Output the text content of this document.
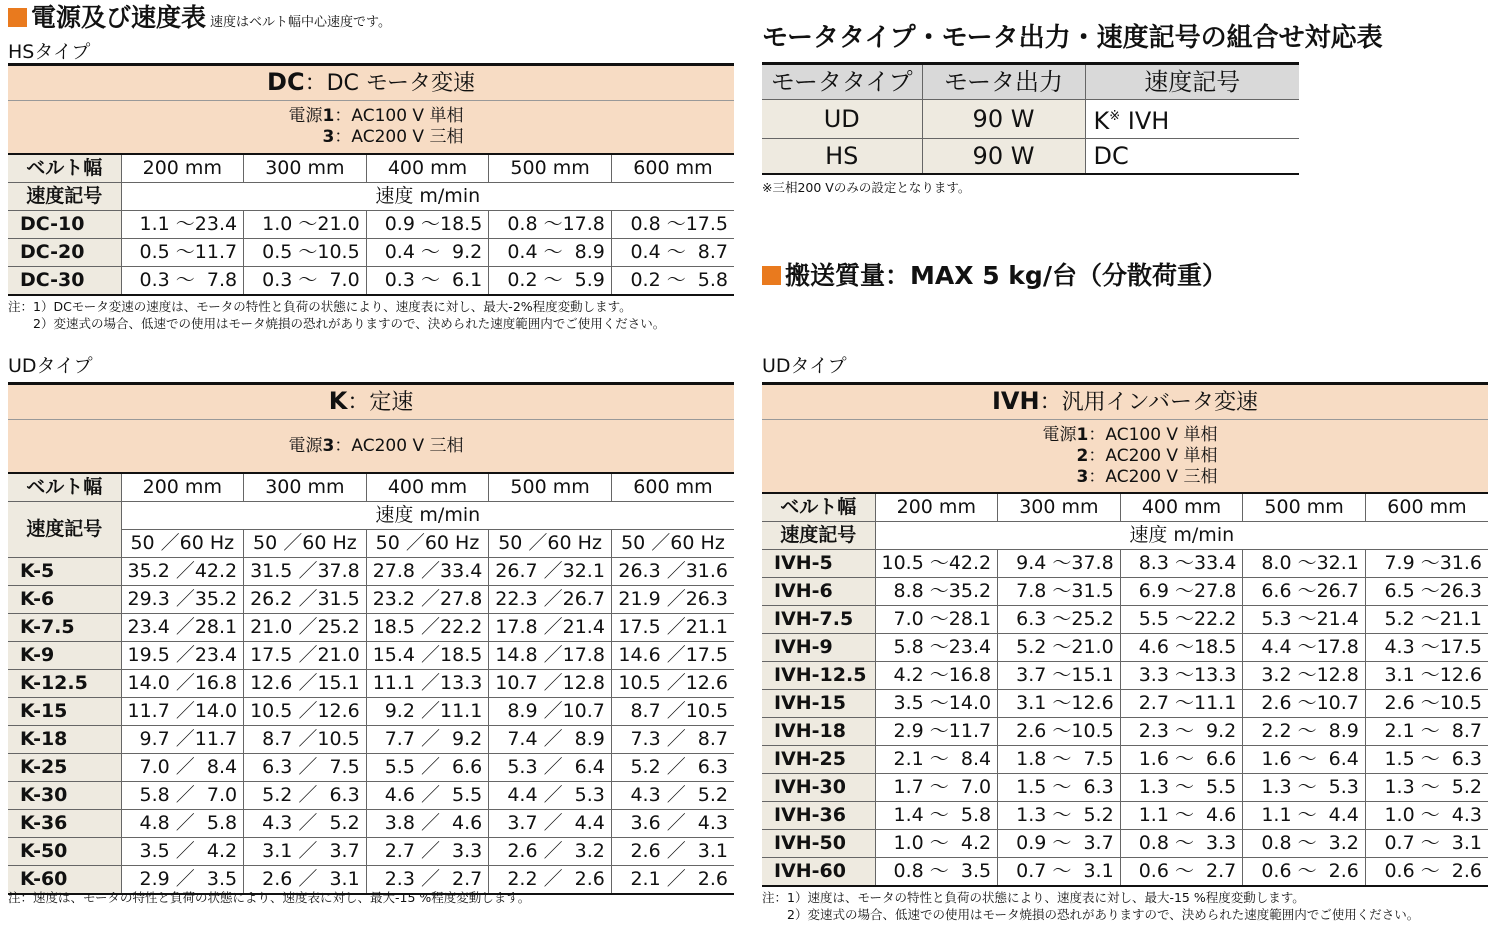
電源及び速度表 速度はベルト幅中心速度です。
HSタイプ
DC：DC モータ変速					

電源1：AC100 V 単相
3：AC200 V 三相					

ベルト幅	200 mm	300 mm	400 mm	500 mm	600 mm
速度記号	速度 m/min				
DC-10	1.1 ～23.4	1.0 ～21.0	0.9 ～18.5	0.8 ～17.8	0.8 ～17.5
DC-20	0.5 ～11.7	0.5 ～10.5	0.4 ～  9.2	0.4 ～  8.9	0.4 ～  8.7
DC-30	0.3 ～  7.8	0.3 ～  7.0	0.3 ～  6.1	0.2 ～  5.9	0.2 ～  5.8
注：1）DCモータ変速の速度は、モータの特性と負荷の状態により、速度表に対し、最大-2%程度変動します。
　　2）変速式の場合、低速での使用はモータ焼損の恐れがありますので、決められた速度範囲内でご使用ください。
UDタイプ
K：定速					

電源3：AC200 V 三相					

ベルト幅	200 mm	300 mm	400 mm	500 mm	600 mm
速度記号	速度 m/min				
	50 ／60 Hz	50 ／60 Hz	50 ／60 Hz	50 ／60 Hz	50 ／60 Hz
K-5	35.2 ／42.2	31.5 ／37.8	27.8 ／33.4	26.7 ／32.1	26.3 ／31.6
K-6	29.3 ／35.2	26.2 ／31.5	23.2 ／27.8	22.3 ／26.7	21.9 ／26.3
K-7.5	23.4 ／28.1	21.0 ／25.2	18.5 ／22.2	17.8 ／21.4	17.5 ／21.1
K-9	19.5 ／23.4	17.5 ／21.0	15.4 ／18.5	14.8 ／17.8	14.6 ／17.5
K-12.5	14.0 ／16.8	12.6 ／15.1	11.1 ／13.3	10.7 ／12.8	10.5 ／12.6
K-15	11.7 ／14.0	10.5 ／12.6	9.2 ／11.1	8.9 ／10.7	8.7 ／10.5
K-18	9.7 ／11.7	8.7 ／10.5	7.7 ／  9.2	7.4 ／  8.9	7.3 ／  8.7
K-25	7.0 ／  8.4	6.3 ／  7.5	5.5 ／  6.6	5.3 ／  6.4	5.2 ／  6.3
K-30	5.8 ／  7.0	5.2 ／  6.3	4.6 ／  5.5	4.4 ／  5.3	4.3 ／  5.2
K-36	4.8 ／  5.8	4.3 ／  5.2	3.8 ／  4.6	3.7 ／  4.4	3.6 ／  4.3
K-50	3.5 ／  4.2	3.1 ／  3.7	2.7 ／  3.3	2.6 ／  3.2	2.6 ／  3.1
K-60	2.9 ／  3.5	2.6 ／  3.1	2.3 ／  2.7	2.2 ／  2.6	2.1 ／  2.6
注：速度は、モータの特性と負荷の状態により、速度表に対し、最大-15 %程度変動します。
モータタイプ・モータ出力・速度記号の組合せ対応表
モータタイプ	モータ出力	速度記号
UD	90 W	K※ IVH
HS	90 W	DC
※三相200 Vのみの設定となります。
搬送質量：MAX 5 kg/台（分散荷重）
UDタイプ
IVH：汎用インバータ変速					

電源1：AC100 V 単相
2：AC200 V 単相
3：AC200 V 三相					

ベルト幅	200 mm	300 mm	400 mm	500 mm	600 mm
速度記号	速度 m/min				
IVH-5	10.5 ～42.2	9.4 ～37.8	8.3 ～33.4	8.0 ～32.1	7.9 ～31.6
IVH-6	8.8 ～35.2	7.8 ～31.5	6.9 ～27.8	6.6 ～26.7	6.5 ～26.3
IVH-7.5	7.0 ～28.1	6.3 ～25.2	5.5 ～22.2	5.3 ～21.4	5.2 ～21.1
IVH-9	5.8 ～23.4	5.2 ～21.0	4.6 ～18.5	4.4 ～17.8	4.3 ～17.5
IVH-12.5	4.2 ～16.8	3.7 ～15.1	3.3 ～13.3	3.2 ～12.8	3.1 ～12.6
IVH-15	3.5 ～14.0	3.1 ～12.6	2.7 ～11.1	2.6 ～10.7	2.6 ～10.5
IVH-18	2.9 ～11.7	2.6 ～10.5	2.3 ～  9.2	2.2 ～  8.9	2.1 ～  8.7
IVH-25	2.1 ～  8.4	1.8 ～  7.5	1.6 ～  6.6	1.6 ～  6.4	1.5 ～  6.3
IVH-30	1.7 ～  7.0	1.5 ～  6.3	1.3 ～  5.5	1.3 ～  5.3	1.3 ～  5.2
IVH-36	1.4 ～  5.8	1.3 ～  5.2	1.1 ～  4.6	1.1 ～  4.4	1.0 ～  4.3
IVH-50	1.0 ～  4.2	0.9 ～  3.7	0.8 ～  3.3	0.8 ～  3.2	0.7 ～  3.1
IVH-60	0.8 ～  3.5	0.7 ～  3.1	0.6 ～  2.7	0.6 ～  2.6	0.6 ～  2.6
注：1）速度は、モータの特性と負荷の状態により、速度表に対し、最大-15 %程度変動します。
　　2）変速式の場合、低速での使用はモータ焼損の恐れがありますので、決められた速度範囲内でご使用ください。
